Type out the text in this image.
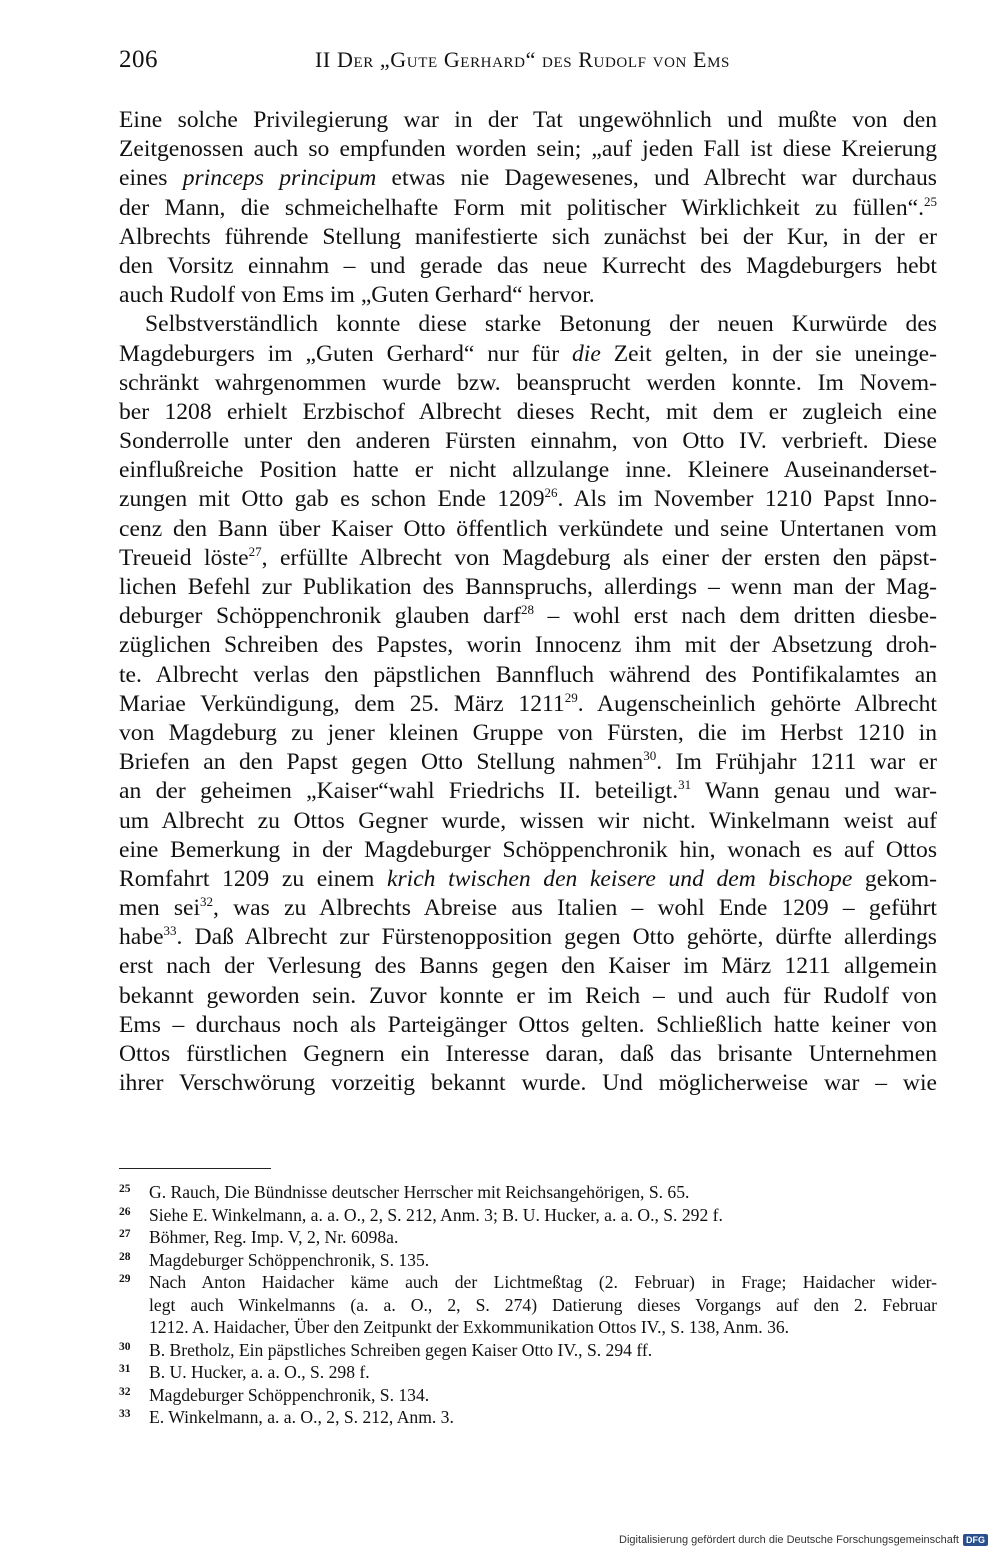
206	II Der „Gute Gerhard“ des Rudolf von Ems
Eine solche Privilegierung war in der Tat ungewöhnlich und mußte von den
Zeitgenossen auch so empfunden worden sein; „auf jeden Fall ist diese Kreierung
eines princeps principum etwas nie Dagewesenes, und Albrecht war durchaus
der Mann, die schmeichelhafte Form mit politischer Wirklichkeit zu füllen“.$^{25}$
Albrechts führende Stellung manifestierte sich zunächst bei der Kur, in der er
den Vorsitz einnahm – und gerade das neue Kurrecht des Magdeburgers hebt
auch Rudolf von Ems im „Guten Gerhard“ hervor.
Selbstverständlich konnte diese starke Betonung der neuen Kurwürde des
Magdeburgers im „Guten Gerhard“ nur für die Zeit gelten, in der sie uneinge-
schränkt wahrgenommen wurde bzw. beansprucht werden konnte. Im Novem-
ber 1208 erhielt Erzbischof Albrecht dieses Recht, mit dem er zugleich eine
Sonderrolle unter den anderen Fürsten einnahm, von Otto IV. verbrieft. Diese
einflußreiche Position hatte er nicht allzulange inne. Kleinere Auseinanderset-
zungen mit Otto gab es schon Ende 1209$^{26}$. Als im November 1210 Papst Inno-
cenz den Bann über Kaiser Otto öffentlich verkündete und seine Untertanen vom
Treueid löste$^{27}$, erfüllte Albrecht von Magdeburg als einer der ersten den päpst-
lichen Befehl zur Publikation des Bannspruchs, allerdings – wenn man der Mag-
deburger Schöppenchronik glauben darf$^{28}$ – wohl erst nach dem dritten diesbe-
züglichen Schreiben des Papstes, worin Innocenz ihm mit der Absetzung droh-
te. Albrecht verlas den päpstlichen Bannfluch während des Pontifikalamtes an
Mariae Verkündigung, dem 25. März 1211$^{29}$. Augenscheinlich gehörte Albrecht
von Magdeburg zu jener kleinen Gruppe von Fürsten, die im Herbst 1210 in
Briefen an den Papst gegen Otto Stellung nahmen$^{30}$. Im Frühjahr 1211 war er
an der geheimen „Kaiser“wahl Friedrichs II. beteiligt.$^{31}$ Wann genau und war-
um Albrecht zu Ottos Gegner wurde, wissen wir nicht. Winkelmann weist auf
eine Bemerkung in der Magdeburger Schöppenchronik hin, wonach es auf Ottos
Romfahrt 1209 zu einem krich twischen den keisere und dem bischope gekom-
men sei$^{32}$, was zu Albrechts Abreise aus Italien – wohl Ende 1209 – geführt
habe$^{33}$. Daß Albrecht zur Fürstenopposition gegen Otto gehörte, dürfte allerdings
erst nach der Verlesung des Banns gegen den Kaiser im März 1211 allgemein
bekannt geworden sein. Zuvor konnte er im Reich – und auch für Rudolf von
Ems – durchaus noch als Parteigänger Ottos gelten. Schließlich hatte keiner von
Ottos fürstlichen Gegnern ein Interesse daran, daß das brisante Unternehmen
ihrer Verschwörung vorzeitig bekannt wurde. Und möglicherweise war – wie
25 G. Rauch, Die Bündnisse deutscher Herrscher mit Reichsangehörigen, S. 65.
26 Siehe E. Winkelmann, a. a. O., 2, S. 212, Anm. 3; B. U. Hucker, a. a. O., S. 292 f.
27 Böhmer, Reg. Imp. V, 2, Nr. 6098a.
28 Magdeburger Schöppenchronik, S. 135.
29 Nach Anton Haidacher käme auch der Lichtmeßtag (2. Februar) in Frage; Haidacher wider-
legt auch Winkelmanns (a. a. O., 2, S. 274) Datierung dieses Vorgangs auf den 2. Februar
1212. A. Haidacher, Über den Zeitpunkt der Exkommunikation Ottos IV., S. 138, Anm. 36.
30 B. Bretholz, Ein päpstliches Schreiben gegen Kaiser Otto IV., S. 294 ff.
31 B. U. Hucker, a. a. O., S. 298 f.
32 Magdeburger Schöppenchronik, S. 134.
33 E. Winkelmann, a. a. O., 2, S. 212, Anm. 3.
Digitalisierung gefördert durch die Deutsche Forschungsgemeinschaft DFG
